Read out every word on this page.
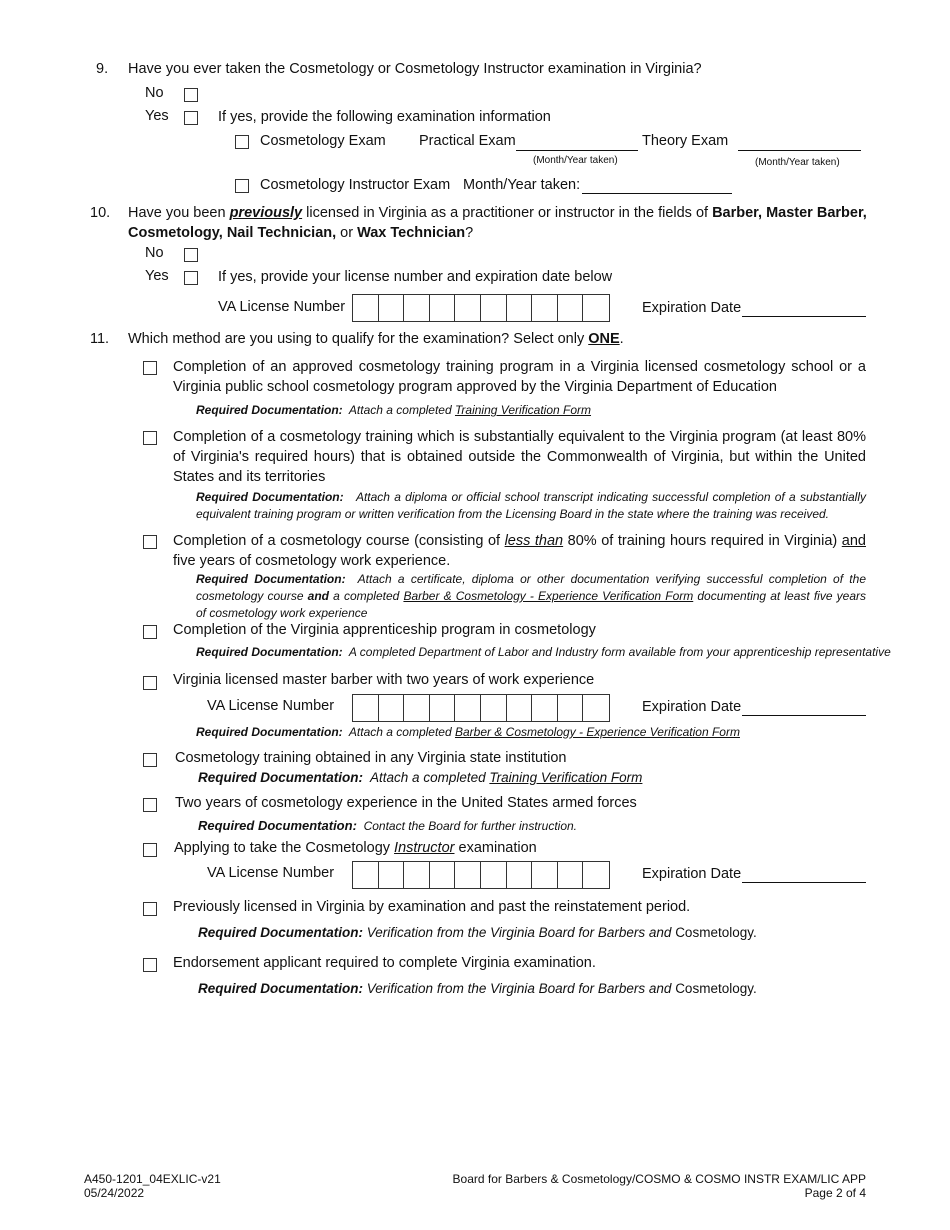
9. Have you ever taken the Cosmetology or Cosmetology Instructor examination in Virginia?
No
Yes	If yes, provide the following examination information
Cosmetology Exam Practical Exam
(Month/Year taken)
Theory Exam
(Month/Year taken)
Cosmetology Instructor Exam Month/Year taken:
10. Have you been previously licensed in Virginia as a practitioner or instructor in the fields of Barber, Master Barber,
Cosmetology, Nail Technician, or Wax Technician?
No
Yes	If yes, provide your license number and expiration date below
VA License Number	Expiration Date
11. Which method are you using to qualify for the examination? Select only ONE.
Completion of an approved cosmetology training program in a Virginia licensed cosmetology school or a Virginia public school cosmetology program approved by the Virginia Department of Education
Required Documentation: Attach a completed Training Verification Form
Completion of a cosmetology training which is substantially equivalent to the Virginia program (at least 80% of Virginia's required hours) that is obtained outside the Commonwealth of Virginia, but within the United States and its territories
Required Documentation: Attach a diploma or official school transcript indicating successful completion of a substantially equivalent training program or written verification from the Licensing Board in the state where the training was received.
Completion of a cosmetology course (consisting of less than 80% of training hours required in Virginia) and five years of cosmetology work experience.
Required Documentation: Attach a certificate, diploma or other documentation verifying successful completion of the cosmetology course and a completed Barber & Cosmetology - Experience Verification Form documenting at least five years of cosmetology work experience
Completion of the Virginia apprenticeship program in cosmetology
Required Documentation: A completed Department of Labor and Industry form available from your apprenticeship representative
Virginia licensed master barber with two years of work experience
VA License Number	Expiration Date
Required Documentation: Attach a completed Barber & Cosmetology - Experience Verification Form
Cosmetology training obtained in any Virginia state institution
Required Documentation: Attach a completed Training Verification Form
Two years of cosmetology experience in the United States armed forces
Required Documentation: Contact the Board for further instruction.
Applying to take the Cosmetology Instructor examination
VA License Number	Expiration Date
Previously licensed in Virginia by examination and past the reinstatement period.
Required Documentation: Verification from the Virginia Board for Barbers and Cosmetology.
Endorsement applicant required to complete Virginia examination.
Required Documentation: Verification from the Virginia Board for Barbers and Cosmetology.
A450-1201_04EXLIC-v21
05/24/2022
Board for Barbers & Cosmetology/COSMO & COSMO INSTR EXAM/LIC APP
Page 2 of 4
